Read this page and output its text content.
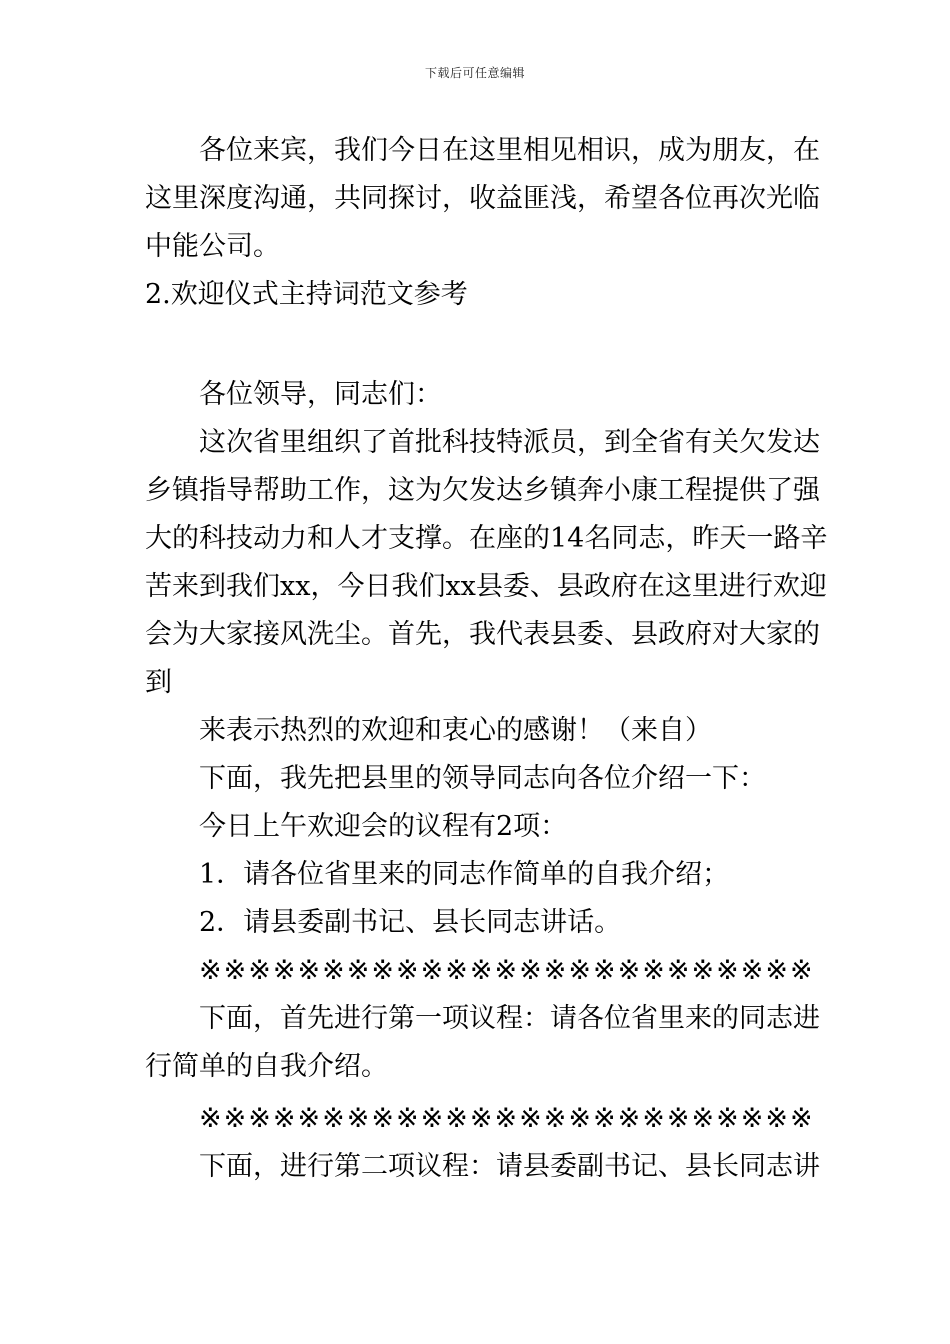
下载后可任意编辑
各位来宾，我们今日在这里相见相识，成为朋友，在
这里深度沟通，共同探讨，收益匪浅，希望各位再次光临
中能公司。
2.欢迎仪式主持词范文参考
各位领导，同志们：
这次省里组织了首批科技特派员，到全省有关欠发达
乡镇指导帮助工作，这为欠发达乡镇奔小康工程提供了强
大的科技动力和人才支撑。在座的14名同志，昨天一路辛
苦来到我们xx，今日我们xx县委、县政府在这里进行欢迎
会为大家接风洗尘。首先，我代表县委、县政府对大家的
到
来表示热烈的欢迎和衷心的感谢！（来自）
下面，我先把县里的领导同志向各位介绍一下：
今日上午欢迎会的议程有2项：
1．请各位省里来的同志作简单的自我介绍；
2．请县委副书记、县长同志讲话。
※※※※※※※※※※※※※※※※※※※※※※※※※
下面，首先进行第一项议程：请各位省里来的同志进
行简单的自我介绍。
※※※※※※※※※※※※※※※※※※※※※※※※※
下面，进行第二项议程：请县委副书记、县长同志讲
